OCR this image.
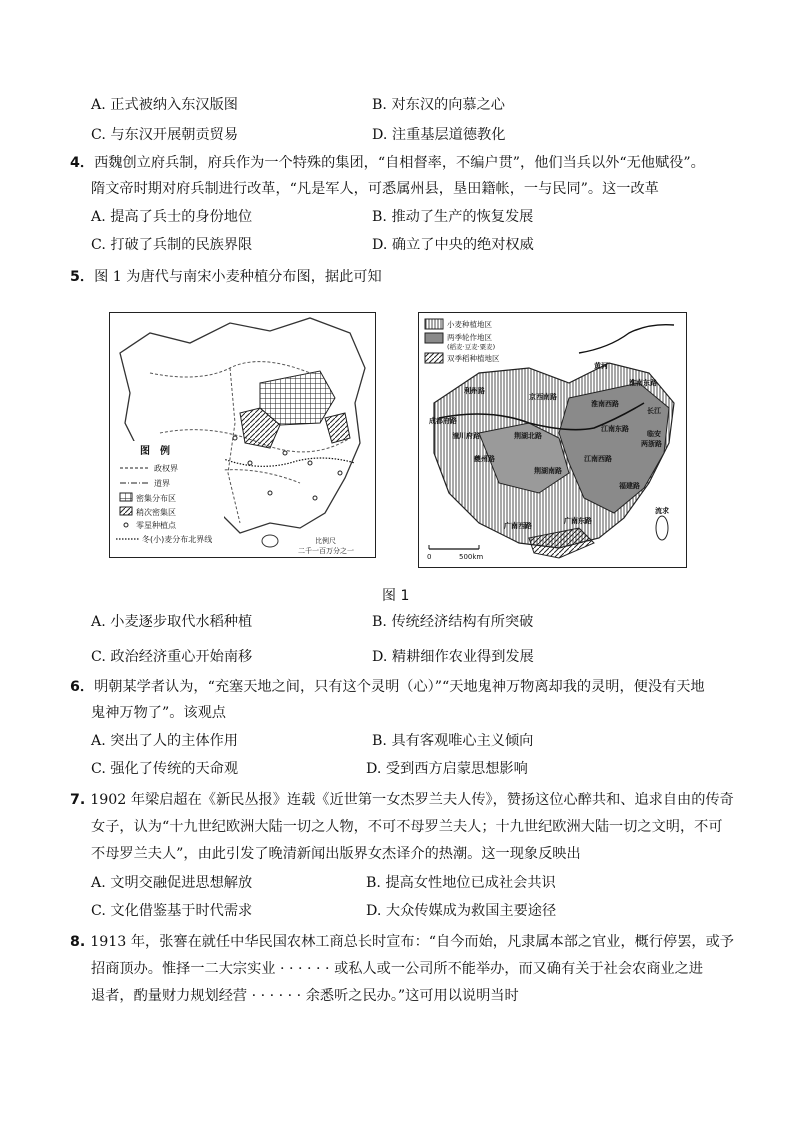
A. 正式被纳入东汉版图	B. 对东汉的向慕之心
C. 与东汉开展朝贡贸易	D. 注重基层道德教化
4．西魏创立府兵制，府兵作为一个特殊的集团，“自相督率，不编户贯”，他们当兵以外“无他赋役”。
隋文帝时期对府兵制进行改革，“凡是军人，可悉属州县，垦田籍帐，一与民同”。这一改革
A. 提高了兵士的身份地位	B. 推动了生产的恢复发展
C. 打破了兵制的民族界限	D. 确立了中央的绝对权威
5．图 1 为唐代与南宋小麦种植分布图，据此可知
图　例
政权界
道界
密集分布区
稍次密集区
零星种植点
冬(小)麦分布北界线	比例尺
二千一百万分之一
小麦种植地区
两季轮作地区
(稻麦·豆麦·粟麦)
双季稻种植地区
黄河
淮南东路
利州路
京西南路
淮南西路
长江
成都府路
潼川府路	荆湖北路
江南东路
临安
两浙路
夔州路	江南西路
荆湖南路
福建路
广南西路
广南东路
流求
0	500km
图 1
A. 小麦逐步取代水稻种植	B. 传统经济结构有所突破
C. 政治经济重心开始南移	D. 精耕细作农业得到发展
6．明朝某学者认为，“充塞天地之间，只有这个灵明（心）”“天地鬼神万物离却我的灵明，便没有天地
鬼神万物了”。该观点
A. 突出了人的主体作用	B. 具有客观唯心主义倾向
C. 强化了传统的天命观	D. 受到西方启蒙思想影响
7. 1902 年梁启超在《新民丛报》连载《近世第一女杰罗兰夫人传》，赞扬这位心醉共和、追求自由的传奇
女子，认为“十九世纪欧洲大陆一切之人物，不可不母罗兰夫人；十九世纪欧洲大陆一切之文明，不可
不母罗兰夫人”，由此引发了晚清新闻出版界女杰译介的热潮。这一现象反映出
A. 文明交融促进思想解放	B. 提高女性地位已成社会共识
C. 文化借鉴基于时代需求	D. 大众传媒成为救国主要途径
8. 1913 年，张謇在就任中华民国农林工商总长时宣布：“自今而始，凡隶属本部之官业，概行停罢，或予
招商顶办。惟择一二大宗实业 · · · · · · 或私人或一公司所不能举办，而又确有关于社会农商业之进
退者，酌量财力规划经营 · · · · · · 余悉听之民办。”这可用以说明当时
